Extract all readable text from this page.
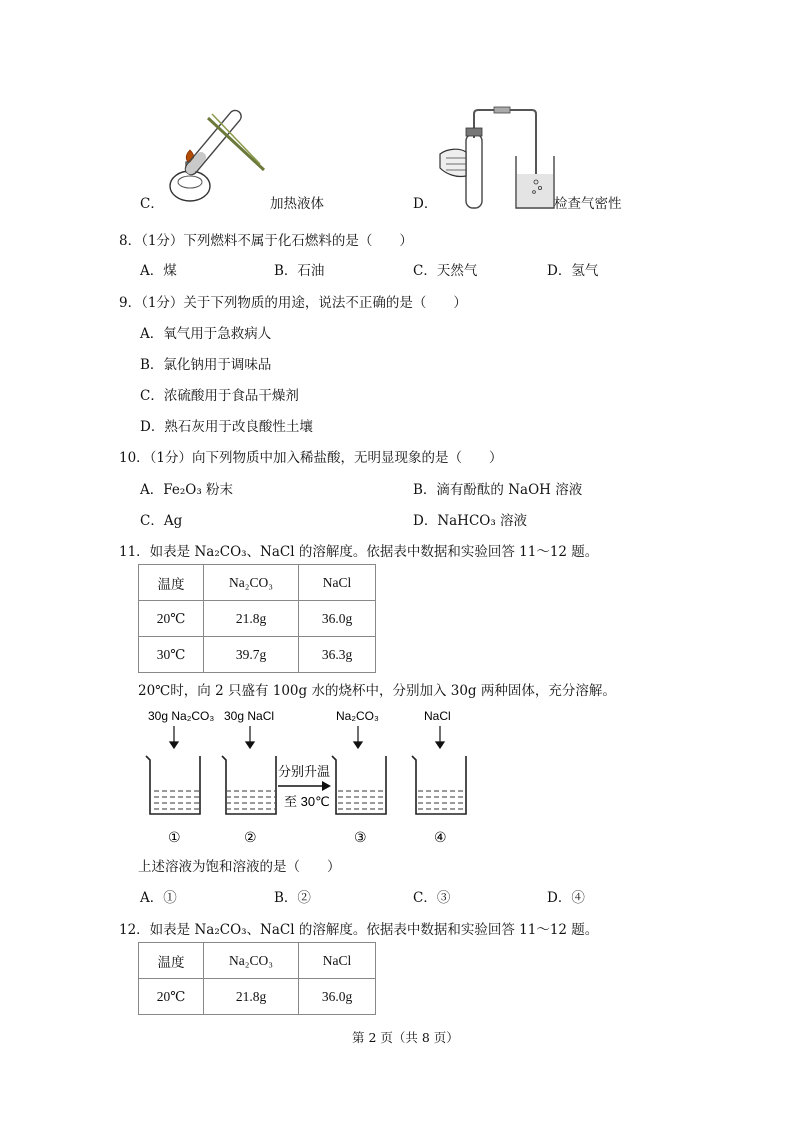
C．	加热液体	D．	检查气密性
8．（1分）下列燃料不属于化石燃料的是（　　）
A．煤	B．石油	C．天然气	D．氢气
9．（1分）关于下列物质的用途，说法不正确的是（　　）
A．氧气用于急救病人
B．氯化钠用于调味品
C．浓硫酸用于食品干燥剂
D．熟石灰用于改良酸性土壤
10．（1分）向下列物质中加入稀盐酸，无明显现象的是（　　）
A．Fe₂O₃ 粉末	B．滴有酚酞的 NaOH 溶液
C．Ag	D．NaHCO₃ 溶液
11．如表是 Na₂CO₃、NaCl 的溶解度。依据表中数据和实验回答 11～12 题。
温度	Na₂CO₃	NaCl
20℃	21.8g	36.0g
30℃	39.7g	36.3g
20℃时，向 2 只盛有 100g 水的烧杯中，分别加入 30g 两种固体，充分溶解。
30g Na₂CO₃ 30g NaCl	Na₂CO₃	NaCl
分别升温
至 30℃
①	②	③	④
上述溶液为饱和溶液的是（　　）
A．①	B．②	C．③	D．④
12．如表是 Na₂CO₃、NaCl 的溶解度。依据表中数据和实验回答 11～12 题。
温度	Na₂CO₃	NaCl
20℃	21.8g	36.0g
第 2 页（共 8 页）
